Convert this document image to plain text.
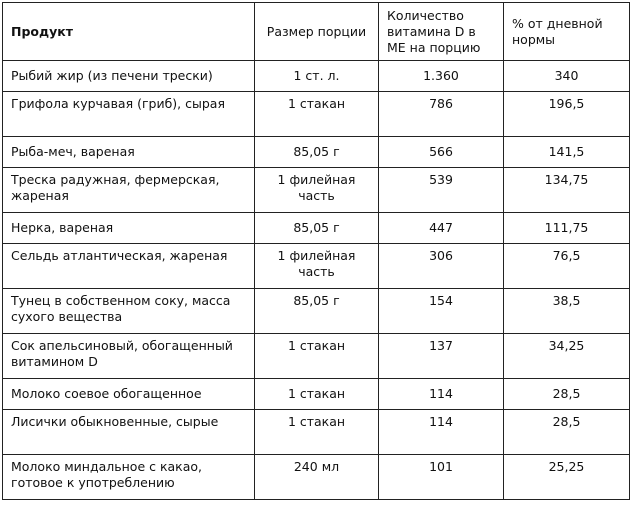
Продукт	Размер порции	Количество витамина D в МЕ на порцию	% от дневной нормы
Рыбий жир (из печени трески)	1 ст. л.	1.360	340
Грифола курчавая (гриб), сырая	1 стакан	786	196,5
Рыба-меч, вареная	85,05 г	566	141,5
Треска радужная, фермерская, жареная	1 филейная часть	539	134,75
Нерка, вареная	85,05 г	447	111,75
Сельдь атлантическая, жареная	1 филейная часть	306	76,5
Тунец в собственном соку, масса сухого вещества	85,05 г	154	38,5
Сок апельсиновый, обогащенный витамином D	1 стакан	137	34,25
Молоко соевое обогащенное	1 стакан	114	28,5
Лисички обыкновенные, сырые	1 стакан	114	28,5
Молоко миндальное с какао, готовое к употреблению	240 мл	101	25,25
